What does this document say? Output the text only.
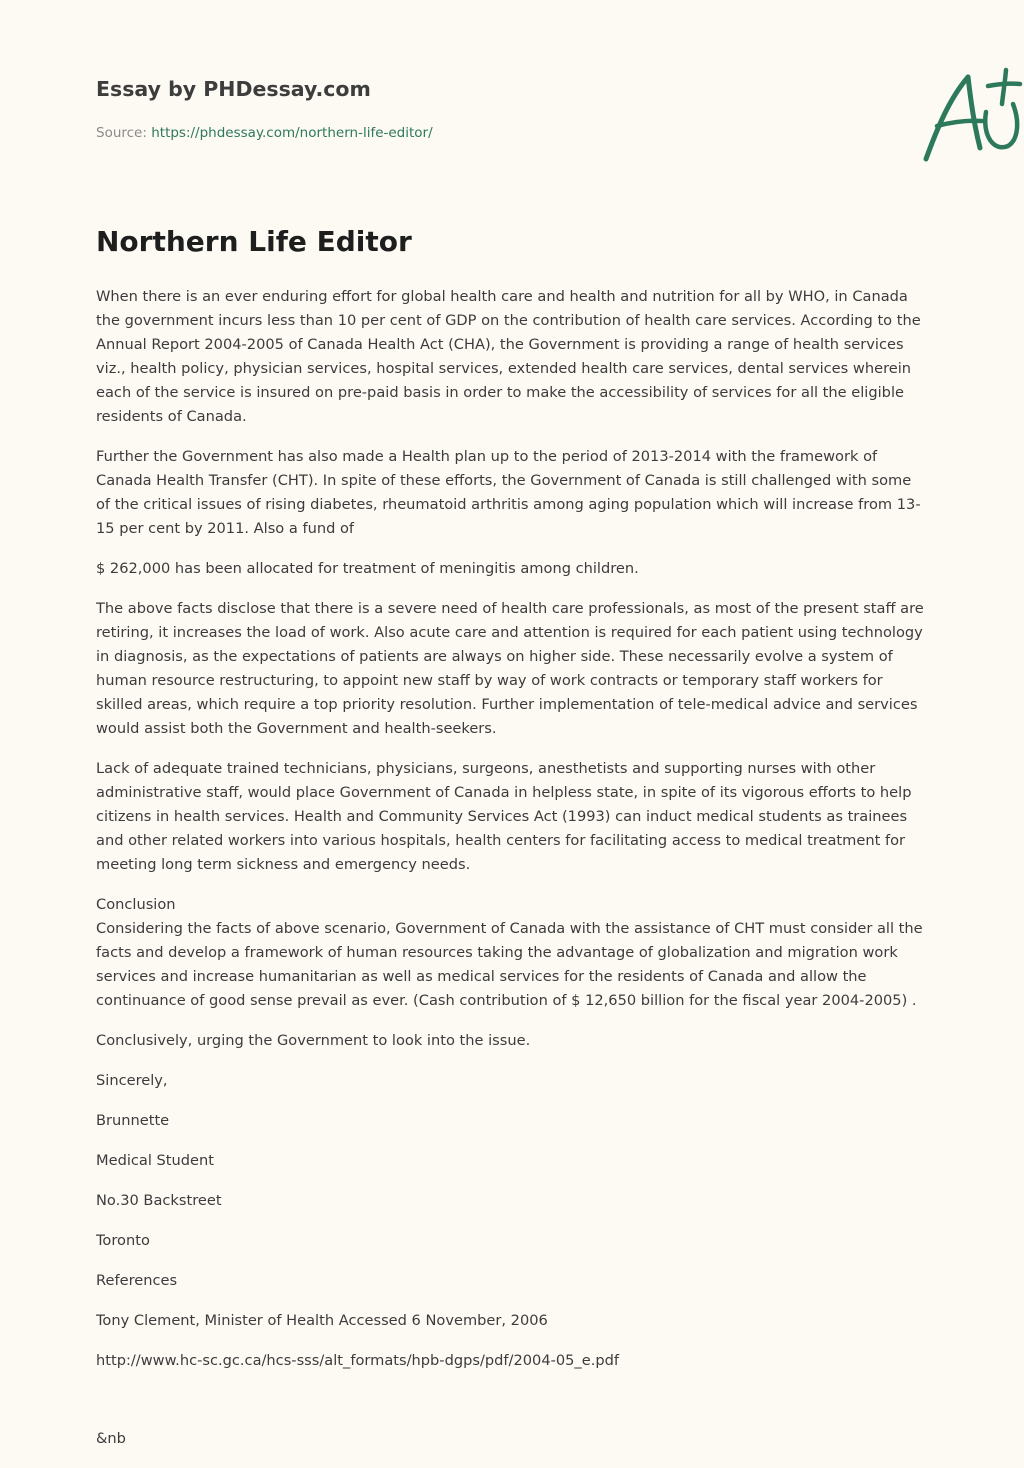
Essay by PHDessay.com
Source: https://phdessay.com/northern-life-editor/
Northern Life Editor

When there is an ever enduring effort for global health care and health and nutrition for all by WHO, in Canada the government incurs less than 10 per cent of GDP on the contribution of health care services. According to the Annual Report 2004-2005 of Canada Health Act (CHA), the Government is providing a range of health services viz., health policy, physician services, hospital services, extended health care services, dental services wherein each of the service is insured on pre-paid basis in order to make the accessibility of services for all the eligible residents of Canada.

Further the Government has also made a Health plan up to the period of 2013-2014 with the framework of Canada Health Transfer (CHT). In spite of these efforts, the Government of Canada is still challenged with some of the critical issues of rising diabetes, rheumatoid arthritis among aging population which will increase from 13-15 per cent by 2011. Also a fund of

$ 262,000 has been allocated for treatment of meningitis among children.

The above facts disclose that there is a severe need of health care professionals, as most of the present staff are retiring, it increases the load of work. Also acute care and attention is required for each patient using technology in diagnosis, as the expectations of patients are always on higher side. These necessarily evolve a system of human resource restructuring, to appoint new staff by way of work contracts or temporary staff workers for skilled areas, which require a top priority resolution. Further implementation of tele-medical advice and services would assist both the Government and health-seekers.

Lack of adequate trained technicians, physicians, surgeons, anesthetists and supporting nurses with other administrative staff, would place Government of Canada in helpless state, in spite of its vigorous efforts to help citizens in health services. Health and Community Services Act (1993) can induct medical students as trainees and other related workers into various hospitals, health centers for facilitating access to medical treatment for meeting long term sickness and emergency needs.

Conclusion
Considering the facts of above scenario, Government of Canada with the assistance of CHT must consider all the facts and develop a framework of human resources taking the advantage of globalization and migration work services and increase humanitarian as well as medical services for the residents of Canada and allow the continuance of good sense prevail as ever. (Cash contribution of $ 12,650 billion for the fiscal year 2004-2005) .

Conclusively, urging the Government to look into the issue.

Sincerely,

Brunnette

Medical Student

No.30 Backstreet

Toronto

References

Tony Clement, Minister of Health Accessed 6 November, 2006

http://www.hc-sc.gc.ca/hcs-sss/alt_formats/hpb-dgps/pdf/2004-05_e.pdf

&nb
